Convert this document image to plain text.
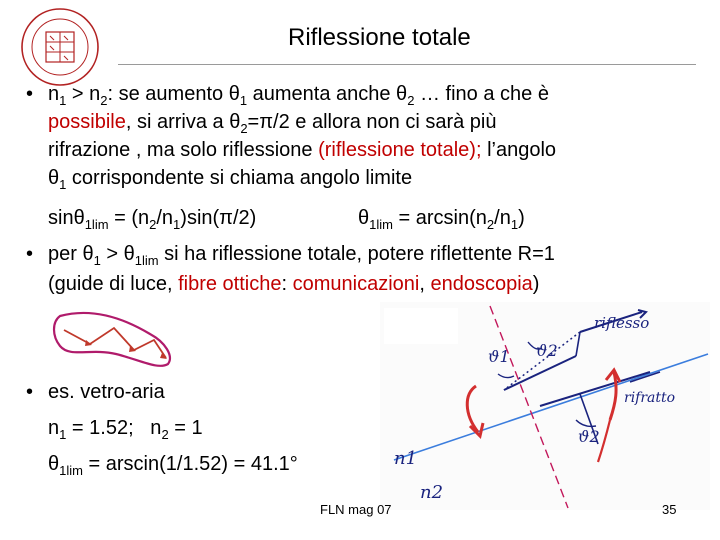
Riflessione totale
• $n_1 > n_2$: se aumento $\theta_1$ aumenta anche $\theta_2$ … fino a che è
possibile, si arriva a $\theta_2=\pi/2$ e allora non ci sarà più
rifrazione , ma solo riflessione (riflessione totale); l’angolo
$\theta_1$ corrispondente si chiama angolo limite
$\sin\theta_{1lim} = (n_2/n_1)\sin(\pi/2)$	$\theta_{1lim} = \arcsin(n_2/n_1)$
• per $\theta_1 > \theta_{1lim}$ si ha riflessione totale, potere riflettente R=1
(guide di luce, fibre ottiche: comunicazioni, endoscopia)
riflesso
rifratto
n1
n2
ϑ1 ϑ2
ϑ2
• es. vetro-aria
$n_1 = 1.52$;   $n_2 = 1$
$\theta_{1lim}$ = arscin(1/1.52) = 41.1°
FLN mag 07	35
